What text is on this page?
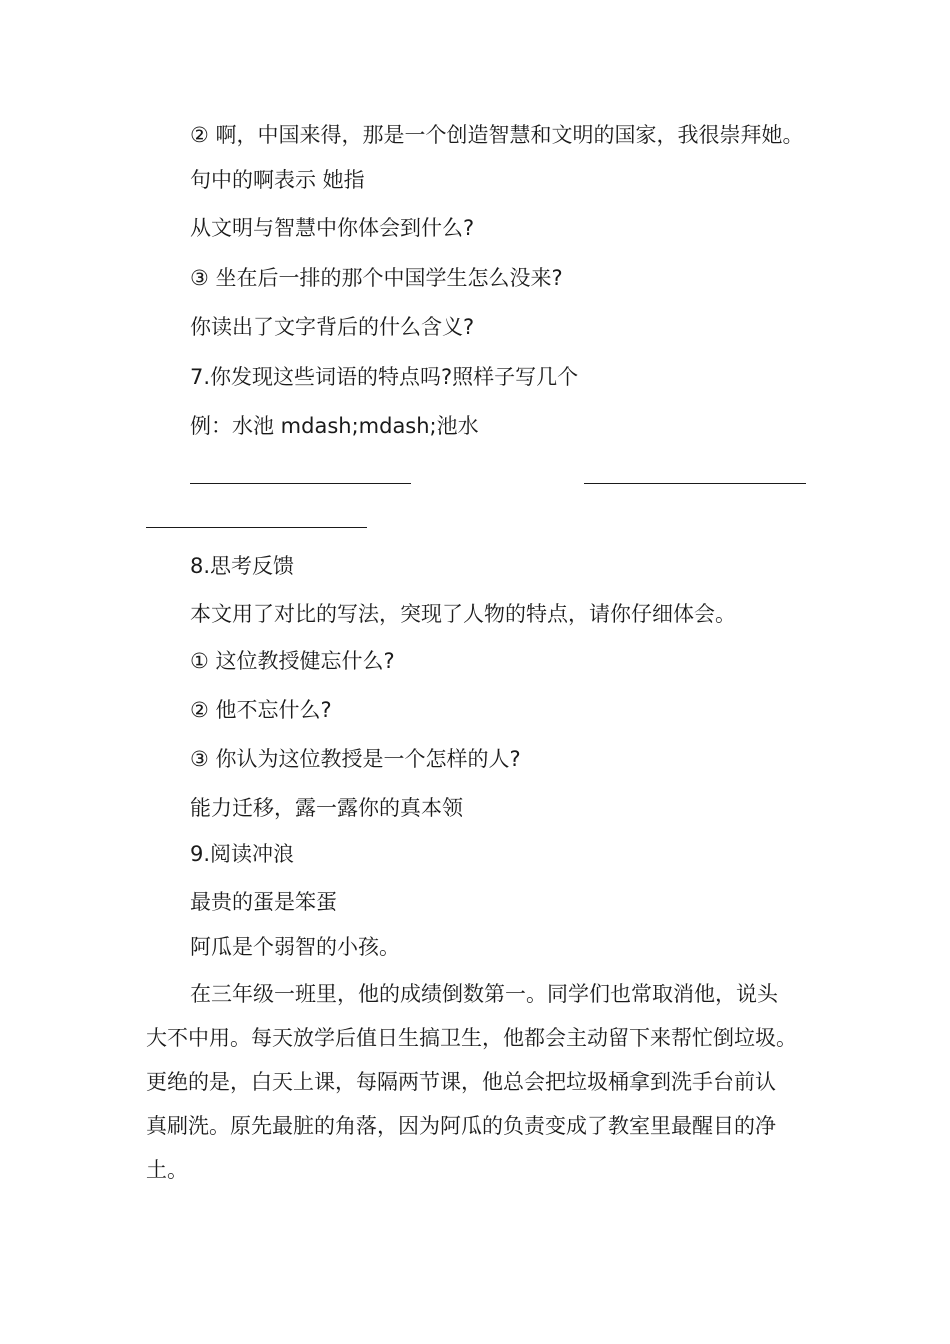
② 啊，中国来得，那是一个创造智慧和文明的国家，我很崇拜她。
句中的啊表示 她指
从文明与智慧中你体会到什么?
③ 坐在后一排的那个中国学生怎么没来?
你读出了文字背后的什么含义?
7.你发现这些词语的特点吗?照样子写几个
例：水池 mdash;mdash;池水
8.思考反馈
本文用了对比的写法，突现了人物的特点，请你仔细体会。
① 这位教授健忘什么?
② 他不忘什么?
③ 你认为这位教授是一个怎样的人?
能力迁移，露一露你的真本领
9.阅读冲浪
最贵的蛋是笨蛋
阿瓜是个弱智的小孩。
在三年级一班里，他的成绩倒数第一。同学们也常取消他，说头
大不中用。每天放学后值日生搞卫生，他都会主动留下来帮忙倒垃圾。
更绝的是，白天上课，每隔两节课，他总会把垃圾桶拿到洗手台前认
真刷洗。原先最脏的角落，因为阿瓜的负责变成了教室里最醒目的净
土。
